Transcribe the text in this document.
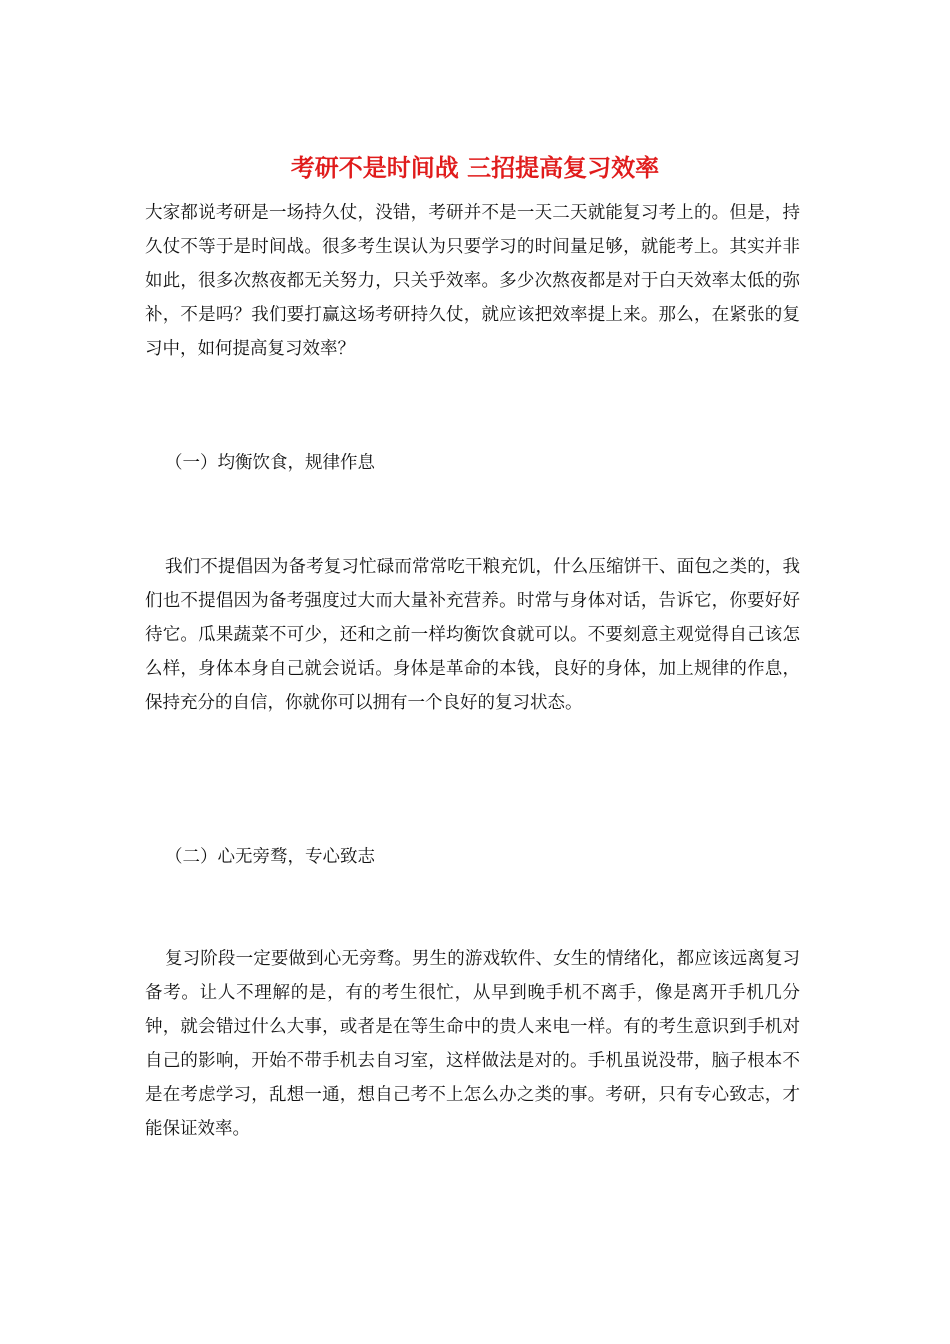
考研不是时间战 三招提高复习效率

大家都说考研是一场持久仗，没错，考研并不是一天二天就能复习考上的。但是，持久仗不等于是时间战。很多考生误认为只要学习的时间量足够，就能考上。其实并非如此，很多次熬夜都无关努力，只关乎效率。多少次熬夜都是对于白天效率太低的弥补，不是吗？我们要打赢这场考研持久仗，就应该把效率提上来。那么，在紧张的复习中，如何提高复习效率？

（一）均衡饮食，规律作息

我们不提倡因为备考复习忙碌而常常吃干粮充饥，什么压缩饼干、面包之类的，我们也不提倡因为备考强度过大而大量补充营养。时常与身体对话，告诉它，你要好好待它。瓜果蔬菜不可少，还和之前一样均衡饮食就可以。不要刻意主观觉得自己该怎么样，身体本身自己就会说话。身体是革命的本钱，良好的身体，加上规律的作息，保持充分的自信，你就你可以拥有一个良好的复习状态。

（二）心无旁骛，专心致志

复习阶段一定要做到心无旁骛。男生的游戏软件、女生的情绪化，都应该远离复习备考。让人不理解的是，有的考生很忙，从早到晚手机不离手，像是离开手机几分钟，就会错过什么大事，或者是在等生命中的贵人来电一样。有的考生意识到手机对自己的影响，开始不带手机去自习室，这样做法是对的。手机虽说没带，脑子根本不是在考虑学习，乱想一通，想自己考不上怎么办之类的事。考研，只有专心致志，才能保证效率。
